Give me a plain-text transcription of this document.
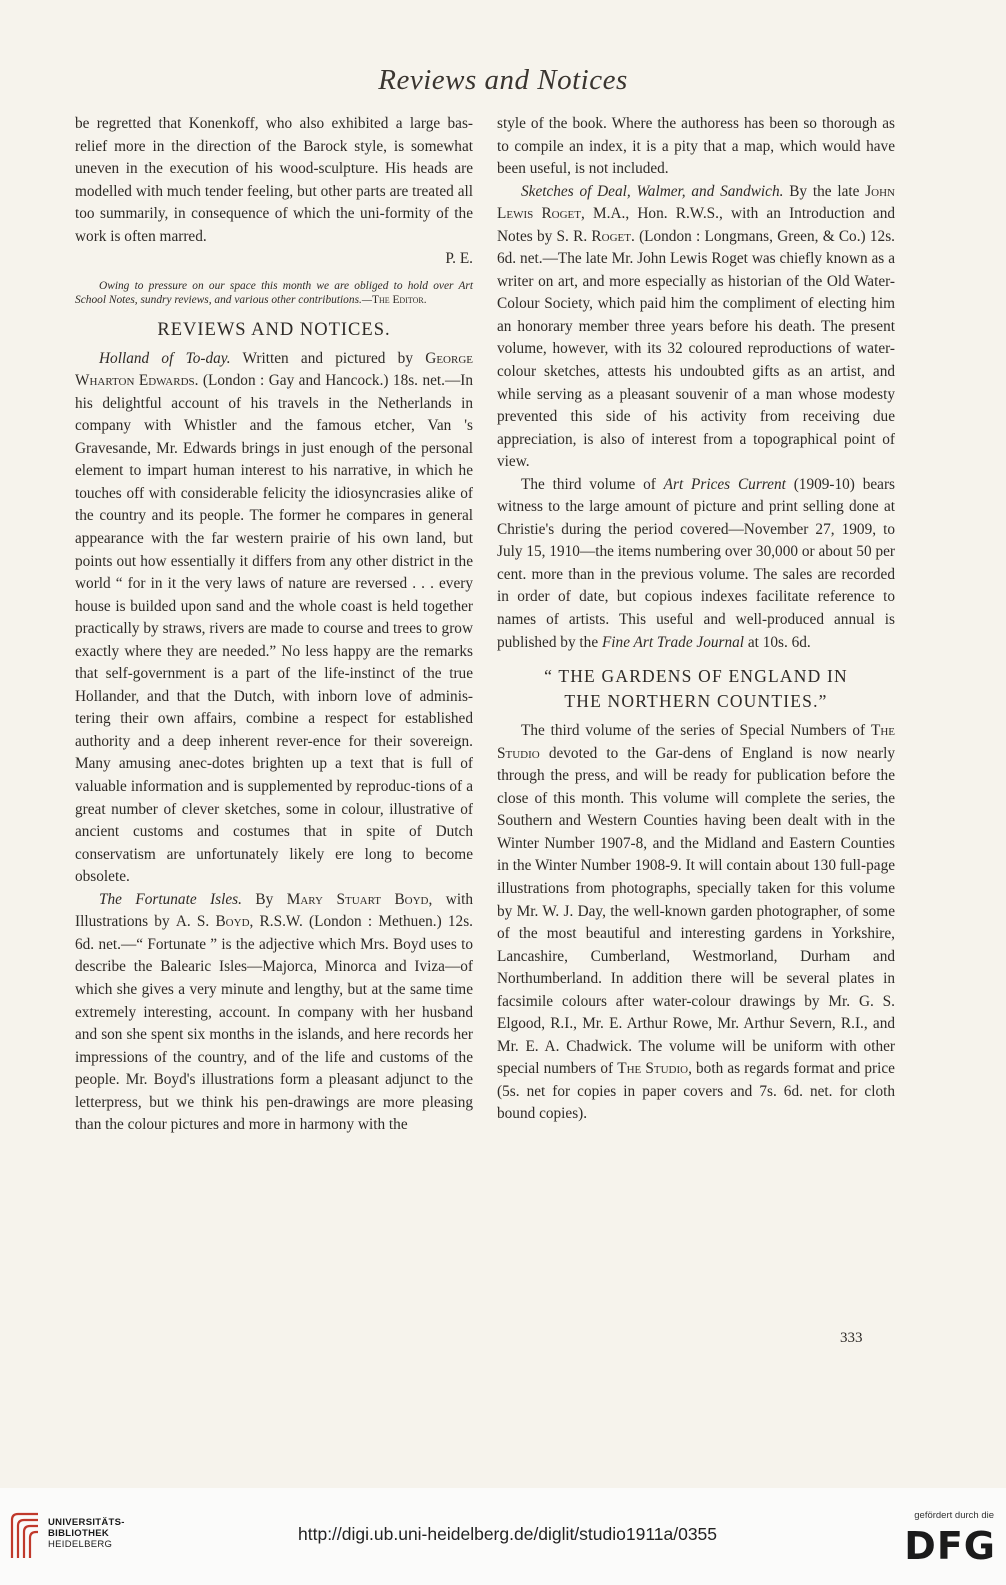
Reviews and Notices

be regretted that Konenkoff, who also exhibited a large bas-relief more in the direction of the Barock style, is somewhat uneven in the execution of his wood-sculpture. His heads are modelled with much tender feeling, but other parts are treated all too summarily, in consequence of which the uni-formity of the work is often marred.

P. E.

Owing to pressure on our space this month we are obliged to hold over Art School Notes, sundry reviews, and various other contributions.—The Editor.

REVIEWS AND NOTICES.

Holland of To-day. Written and pictured by George Wharton Edwards. (London : Gay and Hancock.) 18s. net.—In his delightful account of his travels in the Netherlands in company with Whistler and the famous etcher, Van 's Gravesande, Mr. Edwards brings in just enough of the personal element to impart human interest to his narrative, in which he touches off with considerable felicity the idiosyncrasies alike of the country and its people. The former he compares in general appearance with the far western prairie of his own land, but points out how essentially it differs from any other district in the world “ for in it the very laws of nature are reversed . . . every house is builded upon sand and the whole coast is held together practically by straws, rivers are made to course and trees to grow exactly where they are needed.” No less happy are the remarks that self-government is a part of the life-instinct of the true Hollander, and that the Dutch, with inborn love of adminis-tering their own affairs, combine a respect for established authority and a deep inherent rever-ence for their sovereign. Many amusing anec-dotes brighten up a text that is full of valuable information and is supplemented by reproduc-tions of a great number of clever sketches, some in colour, illustrative of ancient customs and costumes that in spite of Dutch conservatism are unfortunately likely ere long to become obsolete.

The Fortunate Isles. By Mary Stuart Boyd, with Illustrations by A. S. Boyd, R.S.W. (London : Methuen.) 12s. 6d. net.—“ Fortunate ” is the adjective which Mrs. Boyd uses to describe the Balearic Isles—Majorca, Minorca and Iviza—of which she gives a very minute and lengthy, but at the same time extremely interesting, account. In company with her husband and son she spent six months in the islands, and here records her impressions of the country, and of the life and customs of the people. Mr. Boyd's illustrations form a pleasant adjunct to the letterpress, but we think his pen-drawings are more pleasing than the colour pictures and more in harmony with the

style of the book. Where the authoress has been so thorough as to compile an index, it is a pity that a map, which would have been useful, is not included.

Sketches of Deal, Walmer, and Sandwich. By the late John Lewis Roget, M.A., Hon. R.W.S., with an Introduction and Notes by S. R. Roget. (London : Longmans, Green, & Co.) 12s. 6d. net.—The late Mr. John Lewis Roget was chiefly known as a writer on art, and more especially as historian of the Old Water-Colour Society, which paid him the compliment of electing him an honorary member three years before his death. The present volume, however, with its 32 coloured reproductions of water-colour sketches, attests his undoubted gifts as an artist, and while serving as a pleasant souvenir of a man whose modesty prevented this side of his activity from receiving due appreciation, is also of interest from a topographical point of view.

The third volume of Art Prices Current (1909-10) bears witness to the large amount of picture and print selling done at Christie's during the period covered—November 27, 1909, to July 15, 1910—the items numbering over 30,000 or about 50 per cent. more than in the previous volume. The sales are recorded in order of date, but copious indexes facilitate reference to names of artists. This useful and well-produced annual is published by the Fine Art Trade Journal at 10s. 6d.

“ THE GARDENS OF ENGLAND IN
THE NORTHERN COUNTIES.”

The third volume of the series of Special Numbers of The Studio devoted to the Gar-dens of England is now nearly through the press, and will be ready for publication before the close of this month. This volume will complete the series, the Southern and Western Counties having been dealt with in the Winter Number 1907-8, and the Midland and Eastern Counties in the Winter Number 1908-9. It will contain about 130 full-page illustrations from photographs, specially taken for this volume by Mr. W. J. Day, the well-known garden photographer, of some of the most beautiful and interesting gardens in Yorkshire, Lancashire, Cumberland, Westmorland, Durham and Northumberland. In addition there will be several plates in facsimile colours after water-colour drawings by Mr. G. S. Elgood, R.I., Mr. E. Arthur Rowe, Mr. Arthur Severn, R.I., and Mr. E. A. Chadwick. The volume will be uniform with other special numbers of The Studio, both as regards format and price (5s. net for copies in paper covers and 7s. 6d. net. for cloth bound copies).

333
UNIVERSITÄTS-
BIBLIOTHEK
HEIDELBERG
http://digi.ub.uni-heidelberg.de/diglit/studio1911a/0355
gefördert durch die
DFG
